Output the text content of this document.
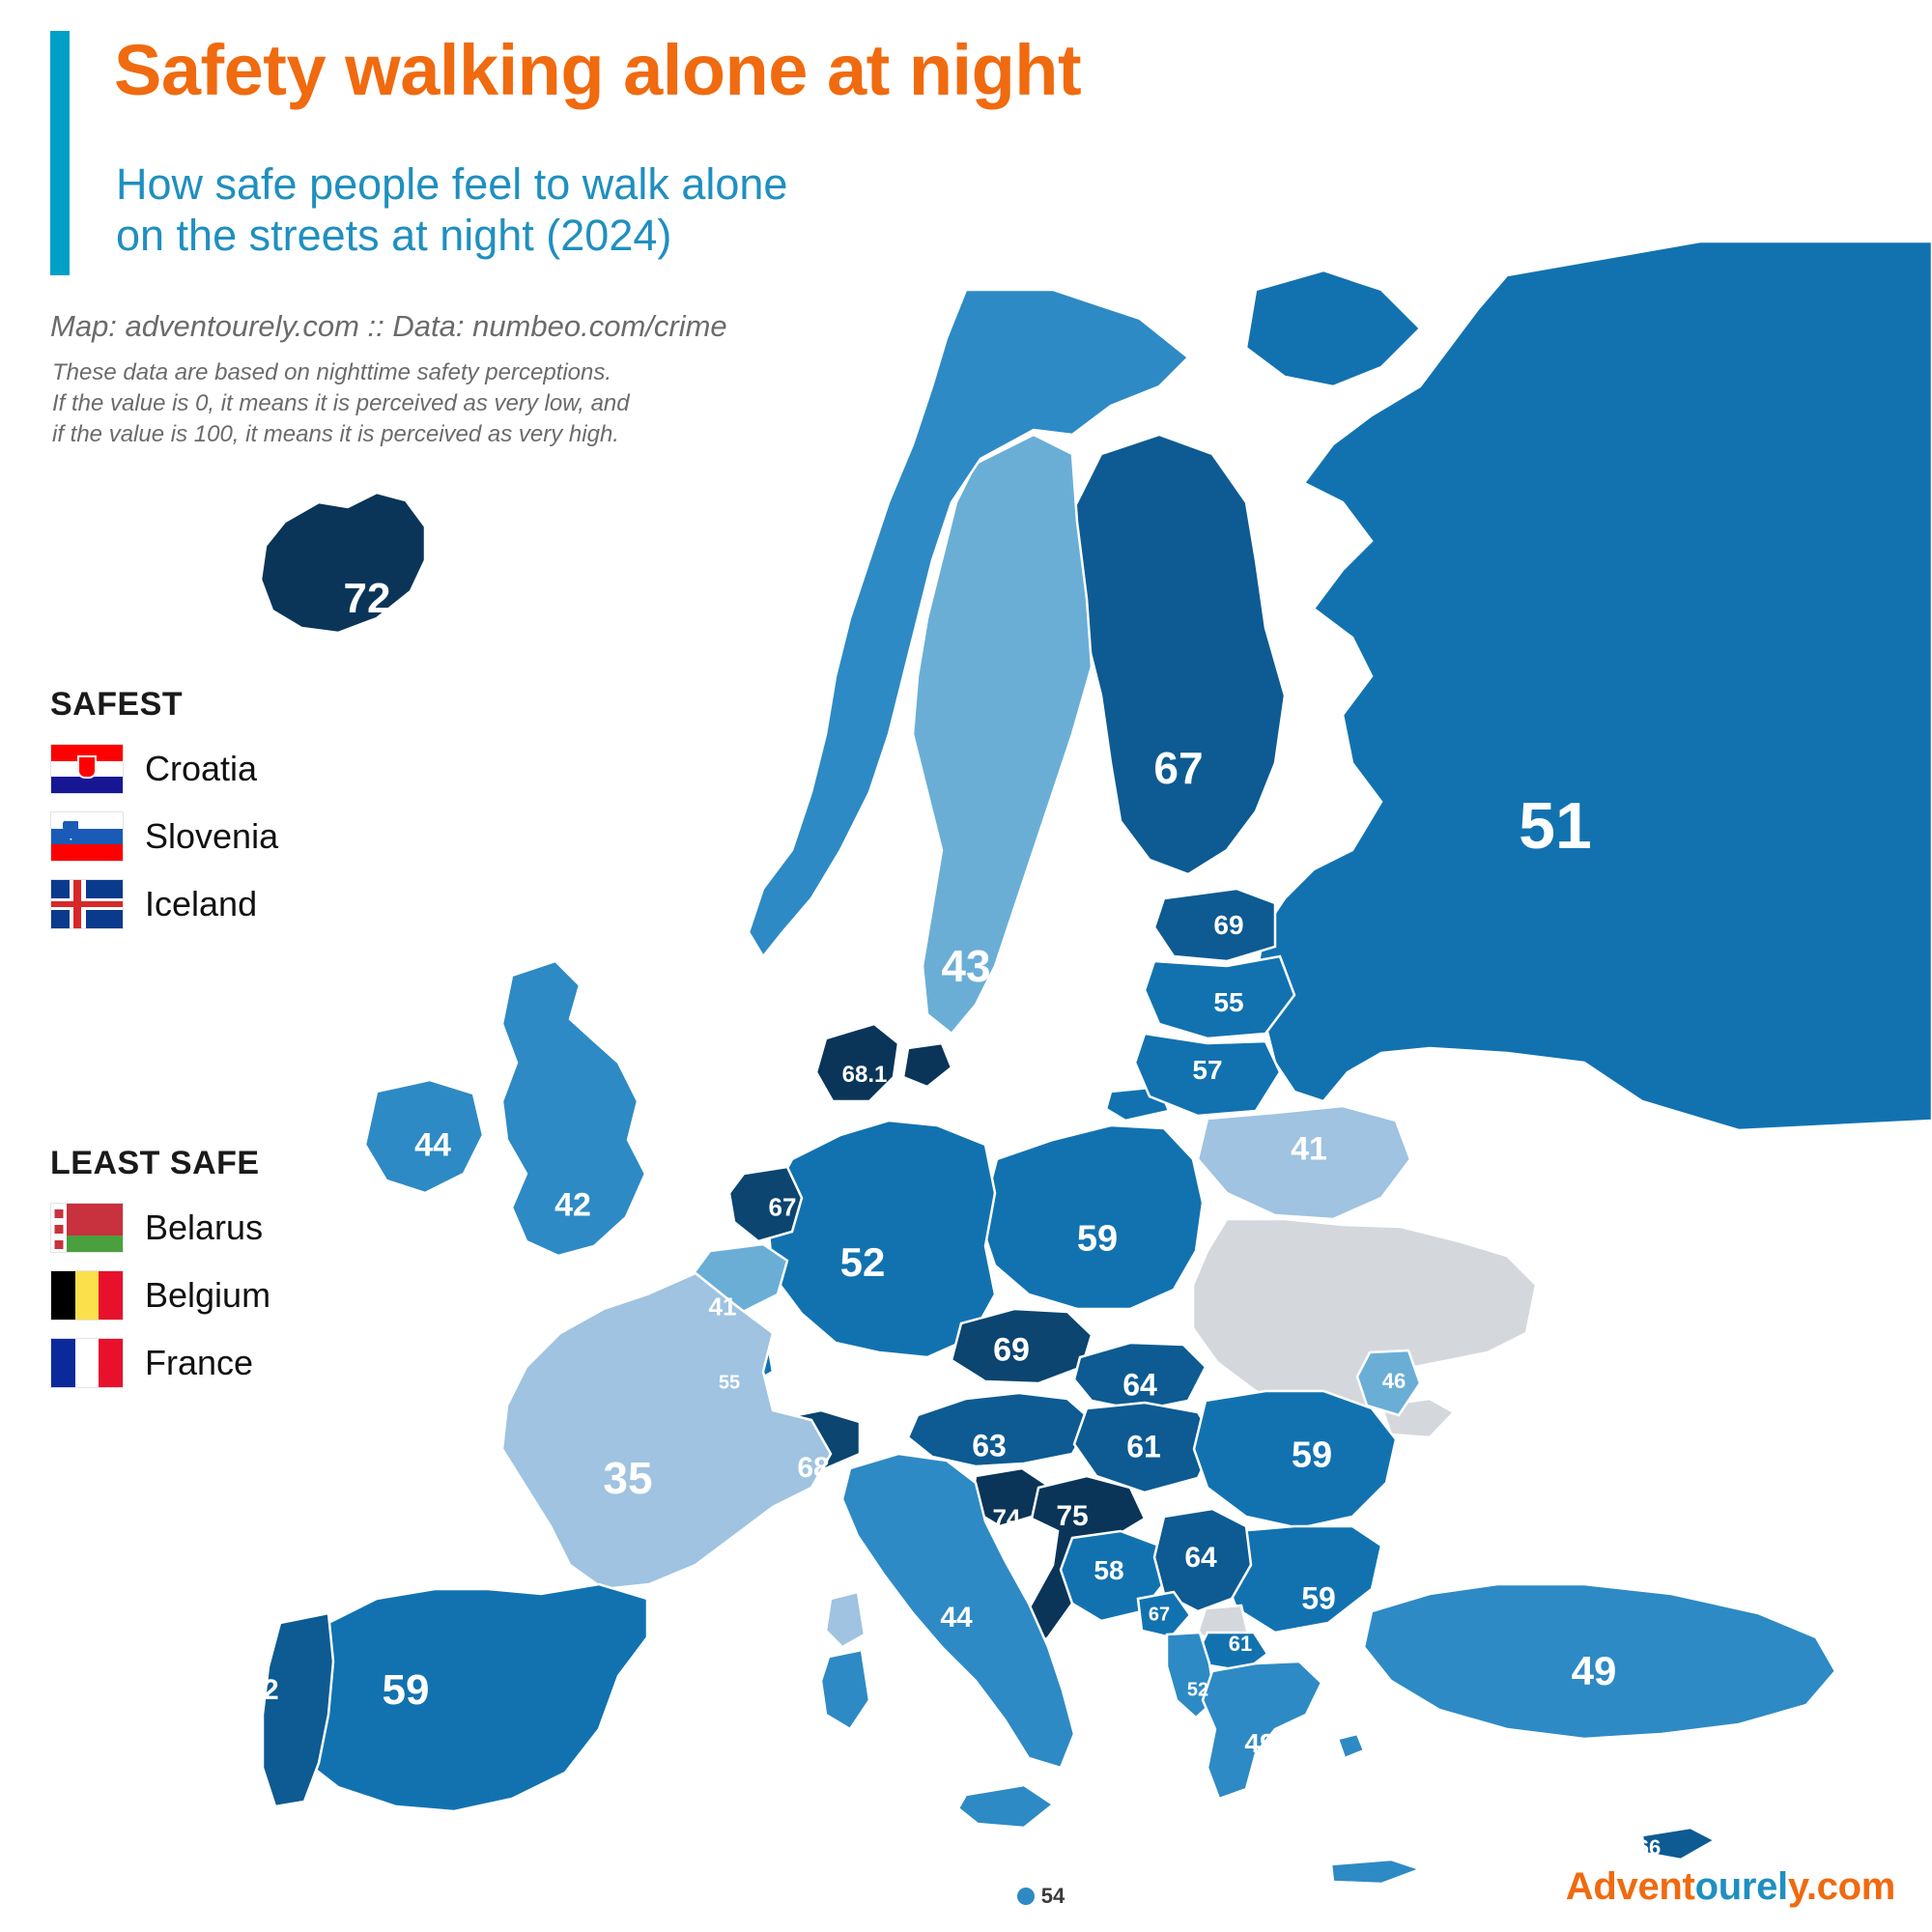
72
67
59
43
51
69
55
57
41
68.1
44
42	67
52
59
41
55
69
64
35	68
63	61
46
59
74 75
58 64
67	59
61
52
49
44
59
62	49
66
54
Safety walking alone at night
How safe people feel to walk alone
on the streets at night (2024)
Map: adventourely.com :: Data: numbeo.com/crime
These data are based on nighttime safety perceptions.
If the value is 0, it means it is perceived as very low, and
if the value is 100, it means it is perceived as very high.
SAFEST
Croatia
Slovenia
Iceland
LEAST SAFE
Belarus
Belgium
France
Adventourely.com
